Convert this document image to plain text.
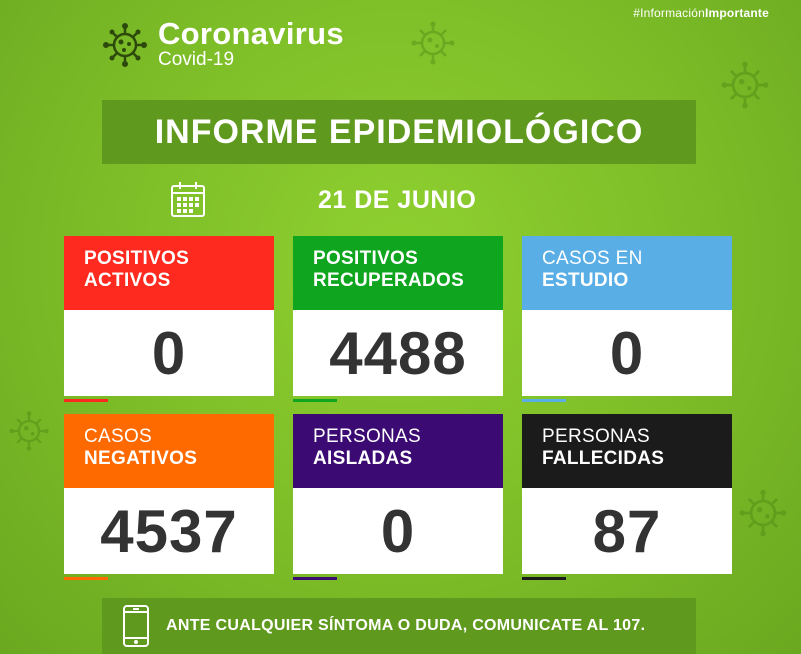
#InformaciónImportante
Coronavirus
Covid-19
INFORME EPIDEMIOLÓGICO
21 DE JUNIO
POSITIVOS
ACTIVOS
0
POSITIVOS
RECUPERADOS
4488
CASOS EN
ESTUDIO
0
CASOS
NEGATIVOS
4537
PERSONAS
AISLADAS
0
PERSONAS
FALLECIDAS
87
ANTE CUALQUIER SÍNTOMA O DUDA, COMUNICATE AL 107.
